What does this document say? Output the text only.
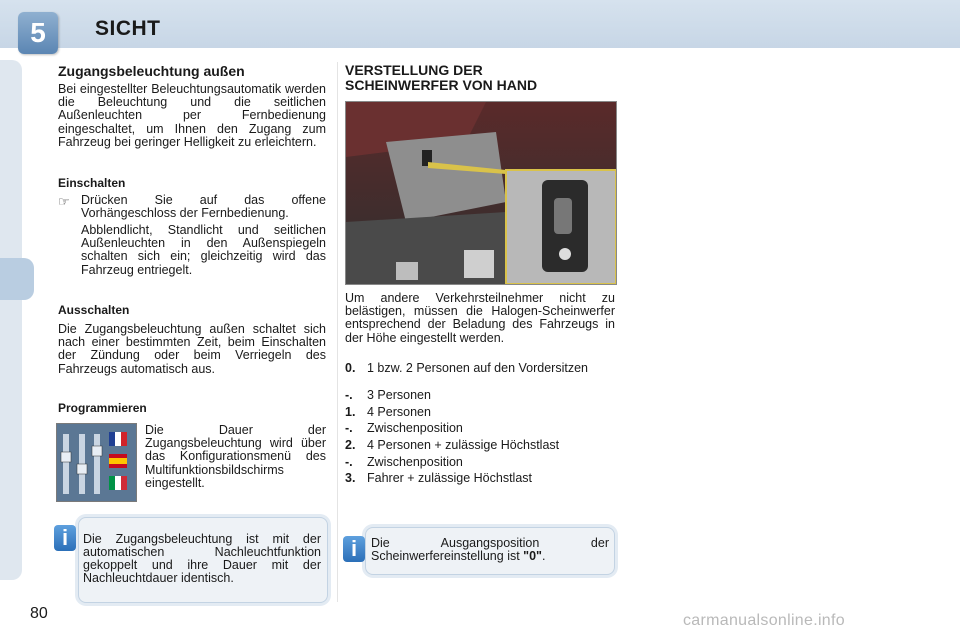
5	SICHT
Zugangsbeleuchtung außen
Bei eingestellter Beleuchtungsautomatik werden die Beleuchtung und die seitlichen Außenleuchten per Fernbedienung eingeschaltet, um Ihnen den Zugang zum Fahrzeug bei geringer Helligkeit zu erleichtern.
Einschalten
☞ Drücken Sie auf das offene Vorhängeschloss der Fernbedienung.
Abblendlicht, Standlicht und seitlichen Außenleuchten in den Außenspiegeln schalten sich ein; gleichzeitig wird das Fahrzeug entriegelt.
Ausschalten
Die Zugangsbeleuchtung außen schaltet sich nach einer bestimmten Zeit, beim Einschalten der Zündung oder beim Verriegeln des Fahrzeugs automatisch aus.
Programmieren
Die Dauer der Zugangsbeleuchtung wird über das Konfigurationsmenü des Multifunktionsbildschirms eingestellt.
i	Die Zugangsbeleuchtung ist mit der automatischen Nachleuchtfunktion gekoppelt und ihre Dauer mit der Nachleuchtdauer identisch.
VERSTELLUNG DER
SCHEINWERFER VON HAND
Um andere Verkehrsteilnehmer nicht zu belästigen, müssen die Halogen-Scheinwerfer entsprechend der Beladung des Fahrzeugs in der Höhe eingestellt werden.
0. 1 bzw. 2 Personen auf den Vordersitzen
-. 3 Personen
1. 4 Personen
-. Zwischenposition
2. 4 Personen + zulässige Höchstlast
-. Zwischenposition
3. Fahrer + zulässige Höchstlast
i	Die Ausgangsposition der Scheinwerfereinstellung ist "0".
80	carmanualsonline.info
